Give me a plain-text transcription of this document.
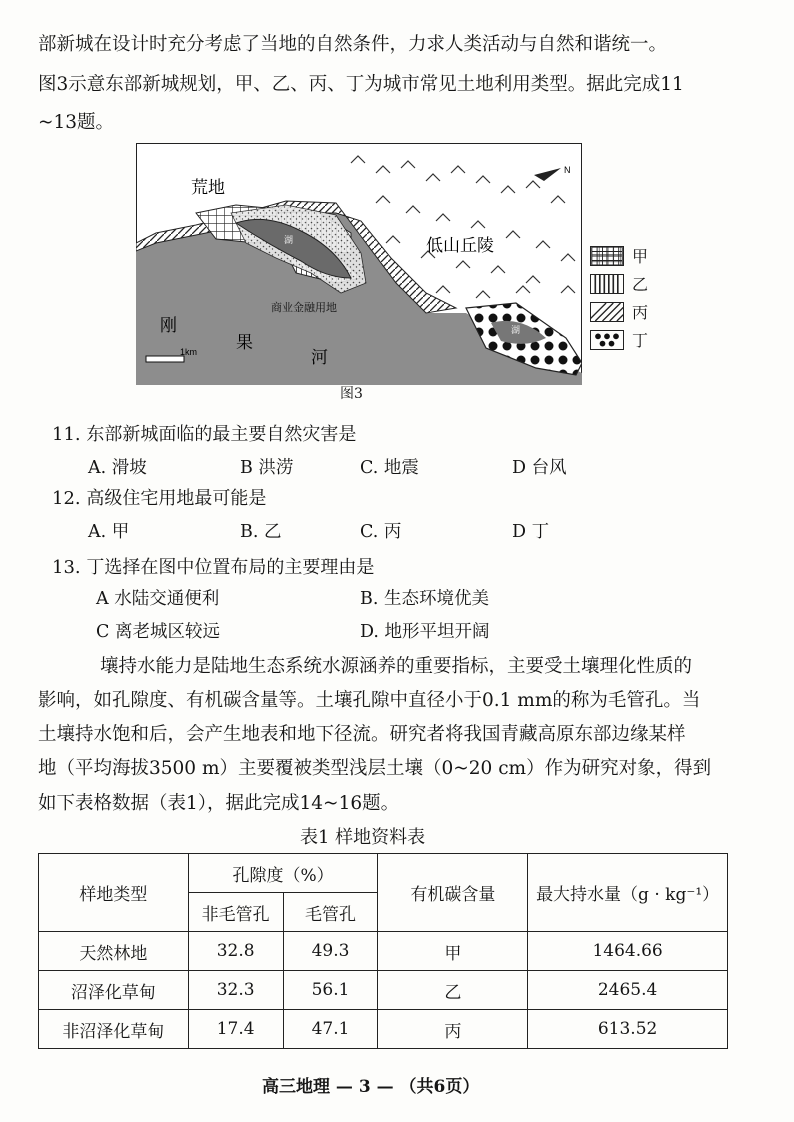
部新城在设计时充分考虑了当地的自然条件，力求人类活动与自然和谐统一。
图3示意东部新城规划，甲、乙、丙、丁为城市常见土地利用类型。据此完成11
~13题。
N
荒地
低山丘陵
商业金融用地
湖
湖
刚
果
河
1km
图3
甲
乙
丙
丁
11. 东部新城面临的最主要自然灾害是
A. 滑坡	B 洪涝	C. 地震	D 台风
12. 高级住宅用地最可能是
A. 甲	B. 乙	C. 丙	D 丁
13. 丁选择在图中位置布局的主要理由是
A 水陆交通便利	B. 生态环境优美
C 离老城区较远	D. 地形平坦开阔
壤持水能力是陆地生态系统水源涵养的重要指标，主要受土壤理化性质的
影响，如孔隙度、有机碳含量等。土壤孔隙中直径小于0.1 mm的称为毛管孔。当
土壤持水饱和后，会产生地表和地下径流。研究者将我国青藏高原东部边缘某样
地（平均海拔3500 m）主要覆被类型浅层土壤（0~20 cm）作为研究对象，得到
如下表格数据（表1），据此完成14~16题。
表1 样地资料表
样地类型	孔隙度（%）		有机碳含量	最大持水量（g · kg⁻¹）
	非毛管孔	毛管孔		
天然林地	32.8	49.3	甲	1464.66
沼泽化草甸	32.3	56.1	乙	2465.4
非沼泽化草甸	17.4	47.1	丙	613.52
高三地理 — 3 — （共6页）
